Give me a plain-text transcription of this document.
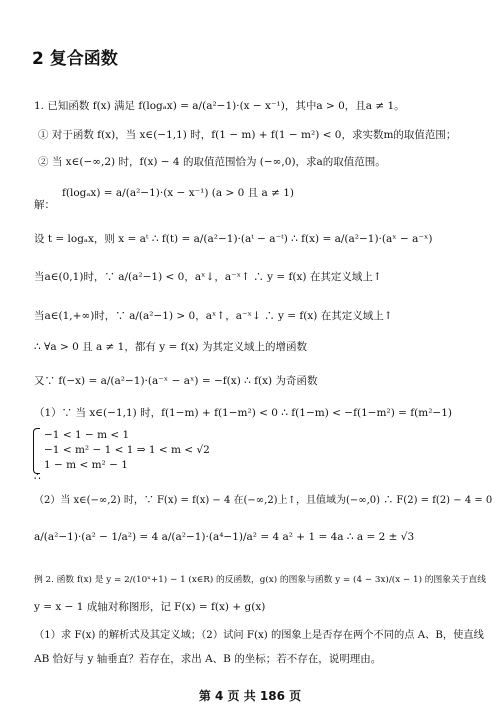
2 复合函数
1. 已知函数 f(x) 满足 f(logₐx) = a/(a²−1)·(x − x⁻¹)，其中a > 0，且a ≠ 1。
① 对于函数 f(x)，当 x∈(−1,1) 时，f(1 − m) + f(1 − m²) < 0，求实数m的取值范围；
② 当 x∈(−∞,2) 时，f(x) − 4 的取值范围恰为 (−∞,0)，求a的取值范围。
f(logₐx) = a/(a²−1)·(x − x⁻¹) (a > 0 且 a ≠ 1)
解：
设 t = logₐx，则 x = aᵗ ∴ f(t) = a/(a²−1)·(aᵗ − a⁻ᵗ) ∴ f(x) = a/(a²−1)·(aˣ − a⁻ˣ)
当a∈(0,1)时，∵ a/(a²−1) < 0，aˣ↓，a⁻ˣ↑ ∴ y = f(x) 在其定义域上↑
当a∈(1,+∞)时，∵ a/(a²−1) > 0，aˣ↑，a⁻ˣ↓ ∴ y = f(x) 在其定义域上↑
∴ ∀a > 0 且 a ≠ 1，都有 y = f(x) 为其定义域上的增函数
又∵ f(−x) = a/(a²−1)·(a⁻ˣ − aˣ) = −f(x) ∴ f(x) 为奇函数
（1）∵ 当 x∈(−1,1) 时，f(1−m) + f(1−m²) < 0 ∴ f(1−m) < −f(1−m²) = f(m²−1)
−1 < 1 − m < 1
−1 < m² − 1 < 1 ⇒ 1 < m < √2
1 − m < m² − 1
∴
（2）当 x∈(−∞,2) 时，∵ F(x) = f(x) − 4 在(−∞,2)上↑，且值域为(−∞,0) ∴ F(2) = f(2) − 4 = 0
a/(a²−1)·(a² − 1/a²) = 4 a/(a²−1)·(a⁴−1)/a² = 4 a² + 1 = 4a ∴ a = 2 ± √3
例 2. 函数 f(x) 是 y = 2/(10ˣ+1) − 1 (x∈R) 的反函数，g(x) 的图象与函数 y = (4 − 3x)/(x − 1) 的图象关于直线
y = x − 1 成轴对称图形，记 F(x) = f(x) + g(x)
（1）求 F(x) 的解析式及其定义域；（2）试问 F(x) 的图象上是否存在两个不同的点 A、B，使直线
AB 恰好与 y 轴垂直？若存在，求出 A、B 的坐标；若不存在，说明理由。
第 4 页 共 186 页
